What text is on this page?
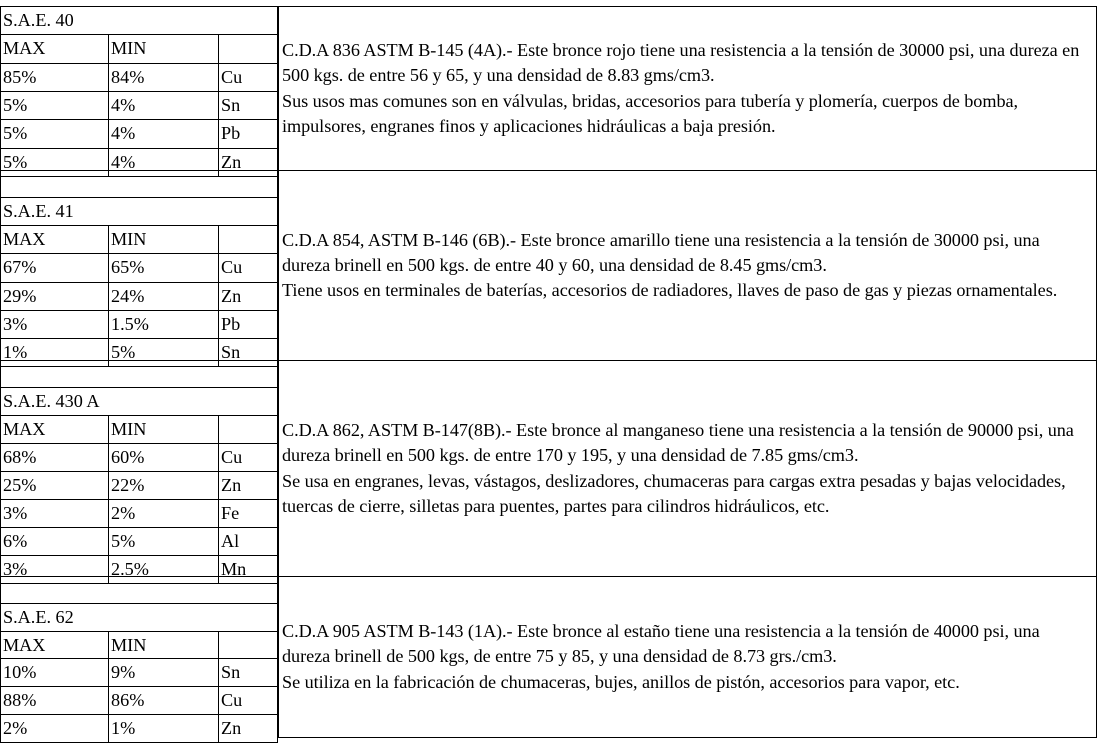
S.A.E. 40		
MAX	MIN	
85%	84%	Cu
5%	4%	Sn
5%	4%	Pb
5%	4%	Zn

C.D.A 836 ASTM B-145 (4A).- Este bronce rojo tiene una resistencia a la tensión de 30000 psi, una dureza en 500 kgs. de entre 56 y 65, y una densidad de 8.83 gms/cm3.

Sus usos mas comunes son en válvulas, bridas, accesorios para tubería y plomería, cuerpos de bomba, impulsores, engranes finos y aplicaciones hidráulicas a baja presión.

S.A.E. 41		
MAX	MIN	
67%	65%	Cu
29%	24%	Zn
3%	1.5%	Pb
1%	5%	Sn

C.D.A 854, ASTM B-146 (6B).- Este bronce amarillo tiene una resistencia a la tensión de 30000 psi, una dureza brinell en 500 kgs. de entre 40 y 60, una densidad de 8.45 gms/cm3.

Tiene usos en terminales de baterías, accesorios de radiadores, llaves de paso de gas y piezas ornamentales.

S.A.E. 430 A		
MAX	MIN	
68%	60%	Cu
25%	22%	Zn
3%	2%	Fe
6%	5%	Al
3%	2.5%	Mn

C.D.A 862, ASTM B-147(8B).- Este bronce al manganeso tiene una resistencia a la tensión de 90000 psi, una dureza brinell en 500 kgs. de entre 170 y 195, y una densidad de 7.85 gms/cm3.

Se usa en engranes, levas, vástagos, deslizadores, chumaceras para cargas extra pesadas y bajas velocidades, tuercas de cierre, silletas para puentes, partes para cilindros hidráulicos, etc.

S.A.E. 62		
MAX	MIN	
10%	9%	Sn
88%	86%	Cu
2%	1%	Zn

C.D.A 905 ASTM B-143 (1A).- Este bronce al estaño tiene una resistencia a la tensión de 40000 psi, una dureza brinell de 500 kgs, de entre 75 y 85, y una densidad de 8.73 grs./cm3.

Se utiliza en la fabricación de chumaceras, bujes, anillos de pistón, accesorios para vapor, etc.
